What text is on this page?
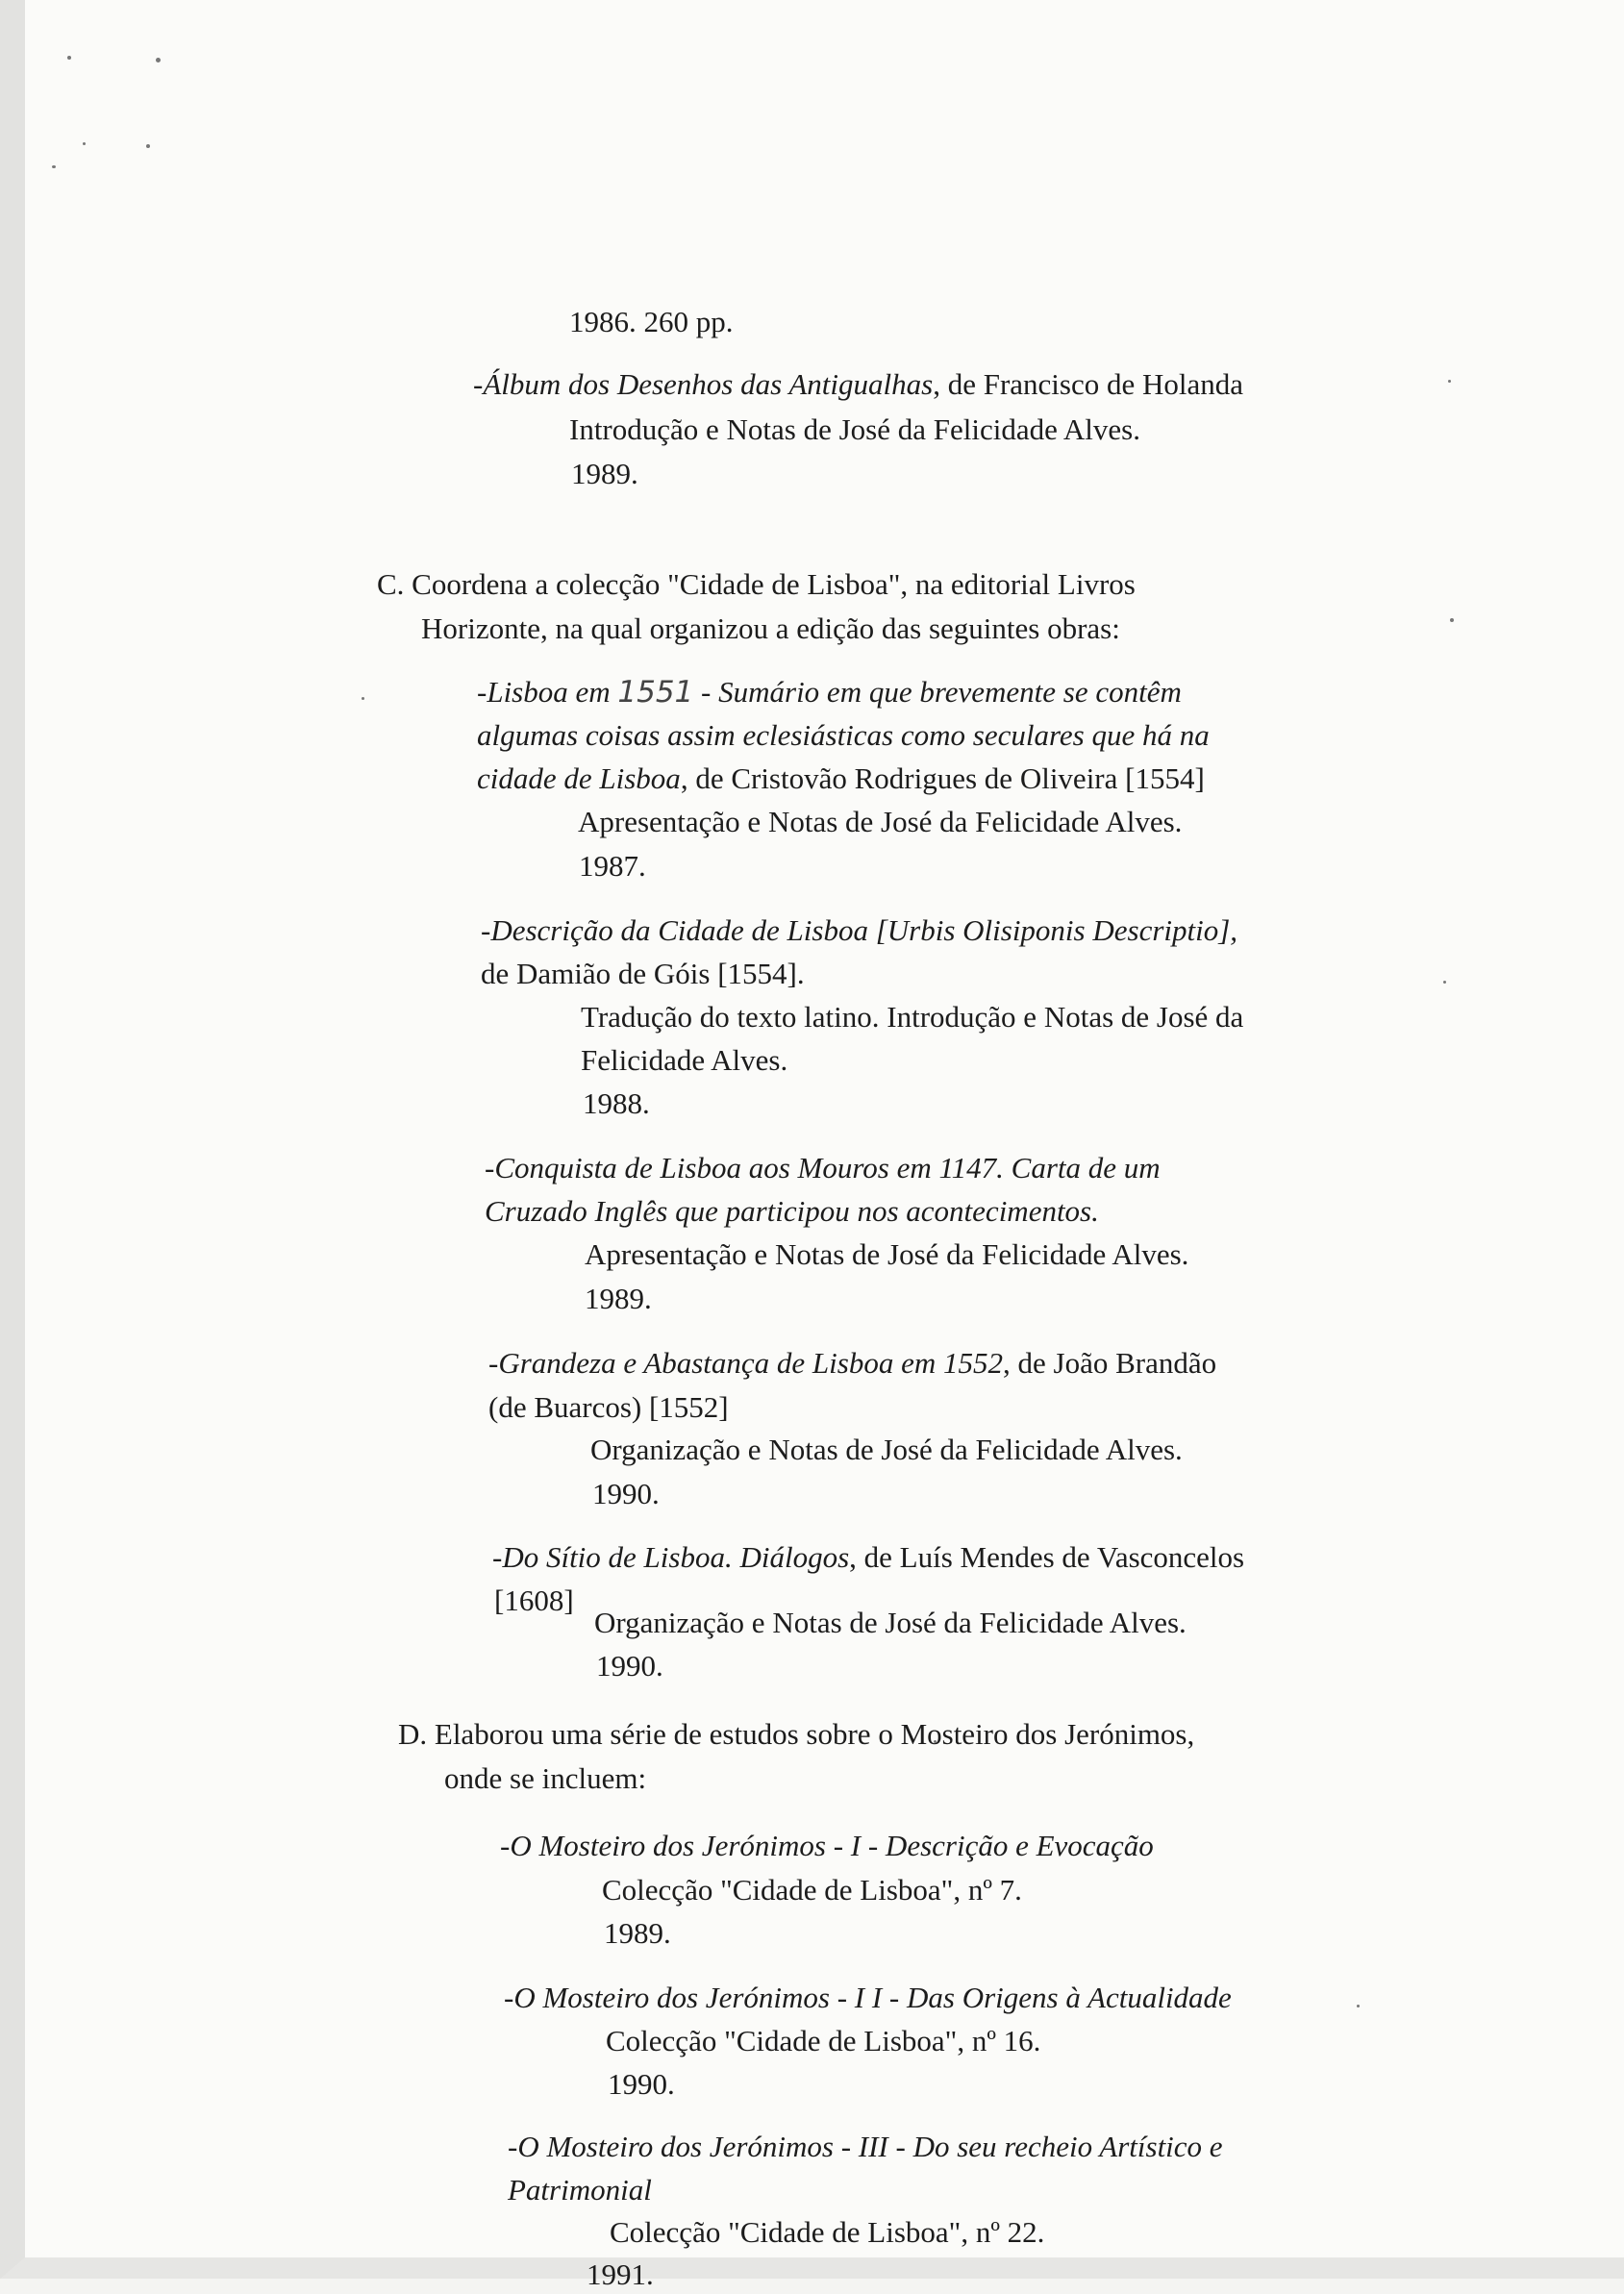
1986. 260 pp.
-Álbum dos Desenhos das Antigualhas, de Francisco de Holanda
Introdução e Notas de José da Felicidade Alves.
1989.
C. Coordena a colecção "Cidade de Lisboa", na editorial Livros
Horizonte, na qual organizou a edição das seguintes obras:
-Lisboa em 1551 - Sumário em que brevemente se contêm
algumas coisas assim eclesiásticas como seculares que há na
cidade de Lisboa, de Cristovão Rodrigues de Oliveira [1554]
Apresentação e Notas de José da Felicidade Alves.
1987.
-Descrição da Cidade de Lisboa [Urbis Olisiponis Descriptio],
de Damião de Góis [1554].
Tradução do texto latino. Introdução e Notas de José da
Felicidade Alves.
1988.
-Conquista de Lisboa aos Mouros em 1147. Carta de um
Cruzado Inglês que participou nos acontecimentos.
Apresentação e Notas de José da Felicidade Alves.
1989.
-Grandeza e Abastança de Lisboa em 1552, de João Brandão
(de Buarcos) [1552]
Organização e Notas de José da Felicidade Alves.
1990.
-Do Sítio de Lisboa. Diálogos, de Luís Mendes de Vasconcelos
[1608]
Organização e Notas de José da Felicidade Alves.
1990.
D. Elaborou uma série de estudos sobre o Mosteiro dos Jerónimos,
onde se incluem:
-O Mosteiro dos Jerónimos - I - Descrição e Evocação
Colecção "Cidade de Lisboa", nº 7.
1989.
-O Mosteiro dos Jerónimos - I I - Das Origens à Actualidade
Colecção "Cidade de Lisboa", nº 16.
1990.
-O Mosteiro dos Jerónimos - III - Do seu recheio Artístico e
Patrimonial
Colecção "Cidade de Lisboa", nº 22.
1991.
